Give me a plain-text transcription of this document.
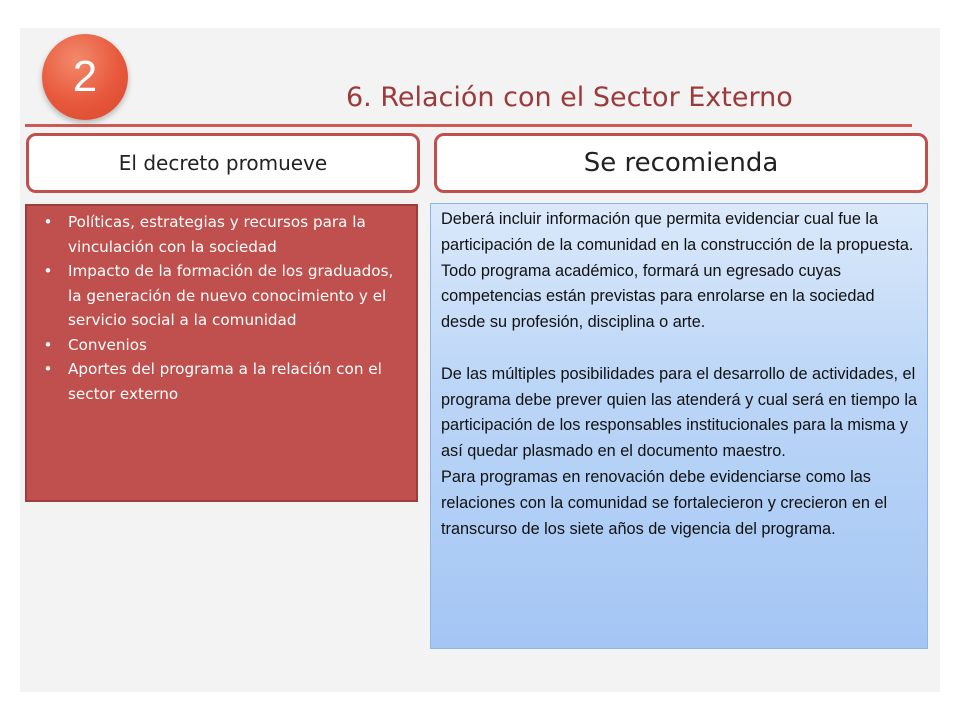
2	6. Relación con el Sector Externo
El decreto promueve	Se recomienda
• Políticas, estrategias y recursos para la vinculación con la sociedad
• Impacto de la formación de los graduados, la generación de nuevo conocimiento y el servicio social a la comunidad
• Convenios
• Aportes del programa a la relación con el sector externo

Deberá incluir información que permita evidenciar cual fue la participación de la comunidad en la construcción de la propuesta.

Todo programa académico, formará un egresado cuyas competencias están previstas para enrolarse en la sociedad desde su profesión, disciplina o arte.

De las múltiples posibilidades para el desarrollo de actividades, el programa debe prever quien las atenderá y cual será en tiempo la participación de los responsables institucionales para la misma y así quedar plasmado en el documento maestro.

Para programas en renovación debe evidenciarse como las relaciones con la comunidad se fortalecieron y crecieron en el transcurso de los siete años de vigencia del programa.
